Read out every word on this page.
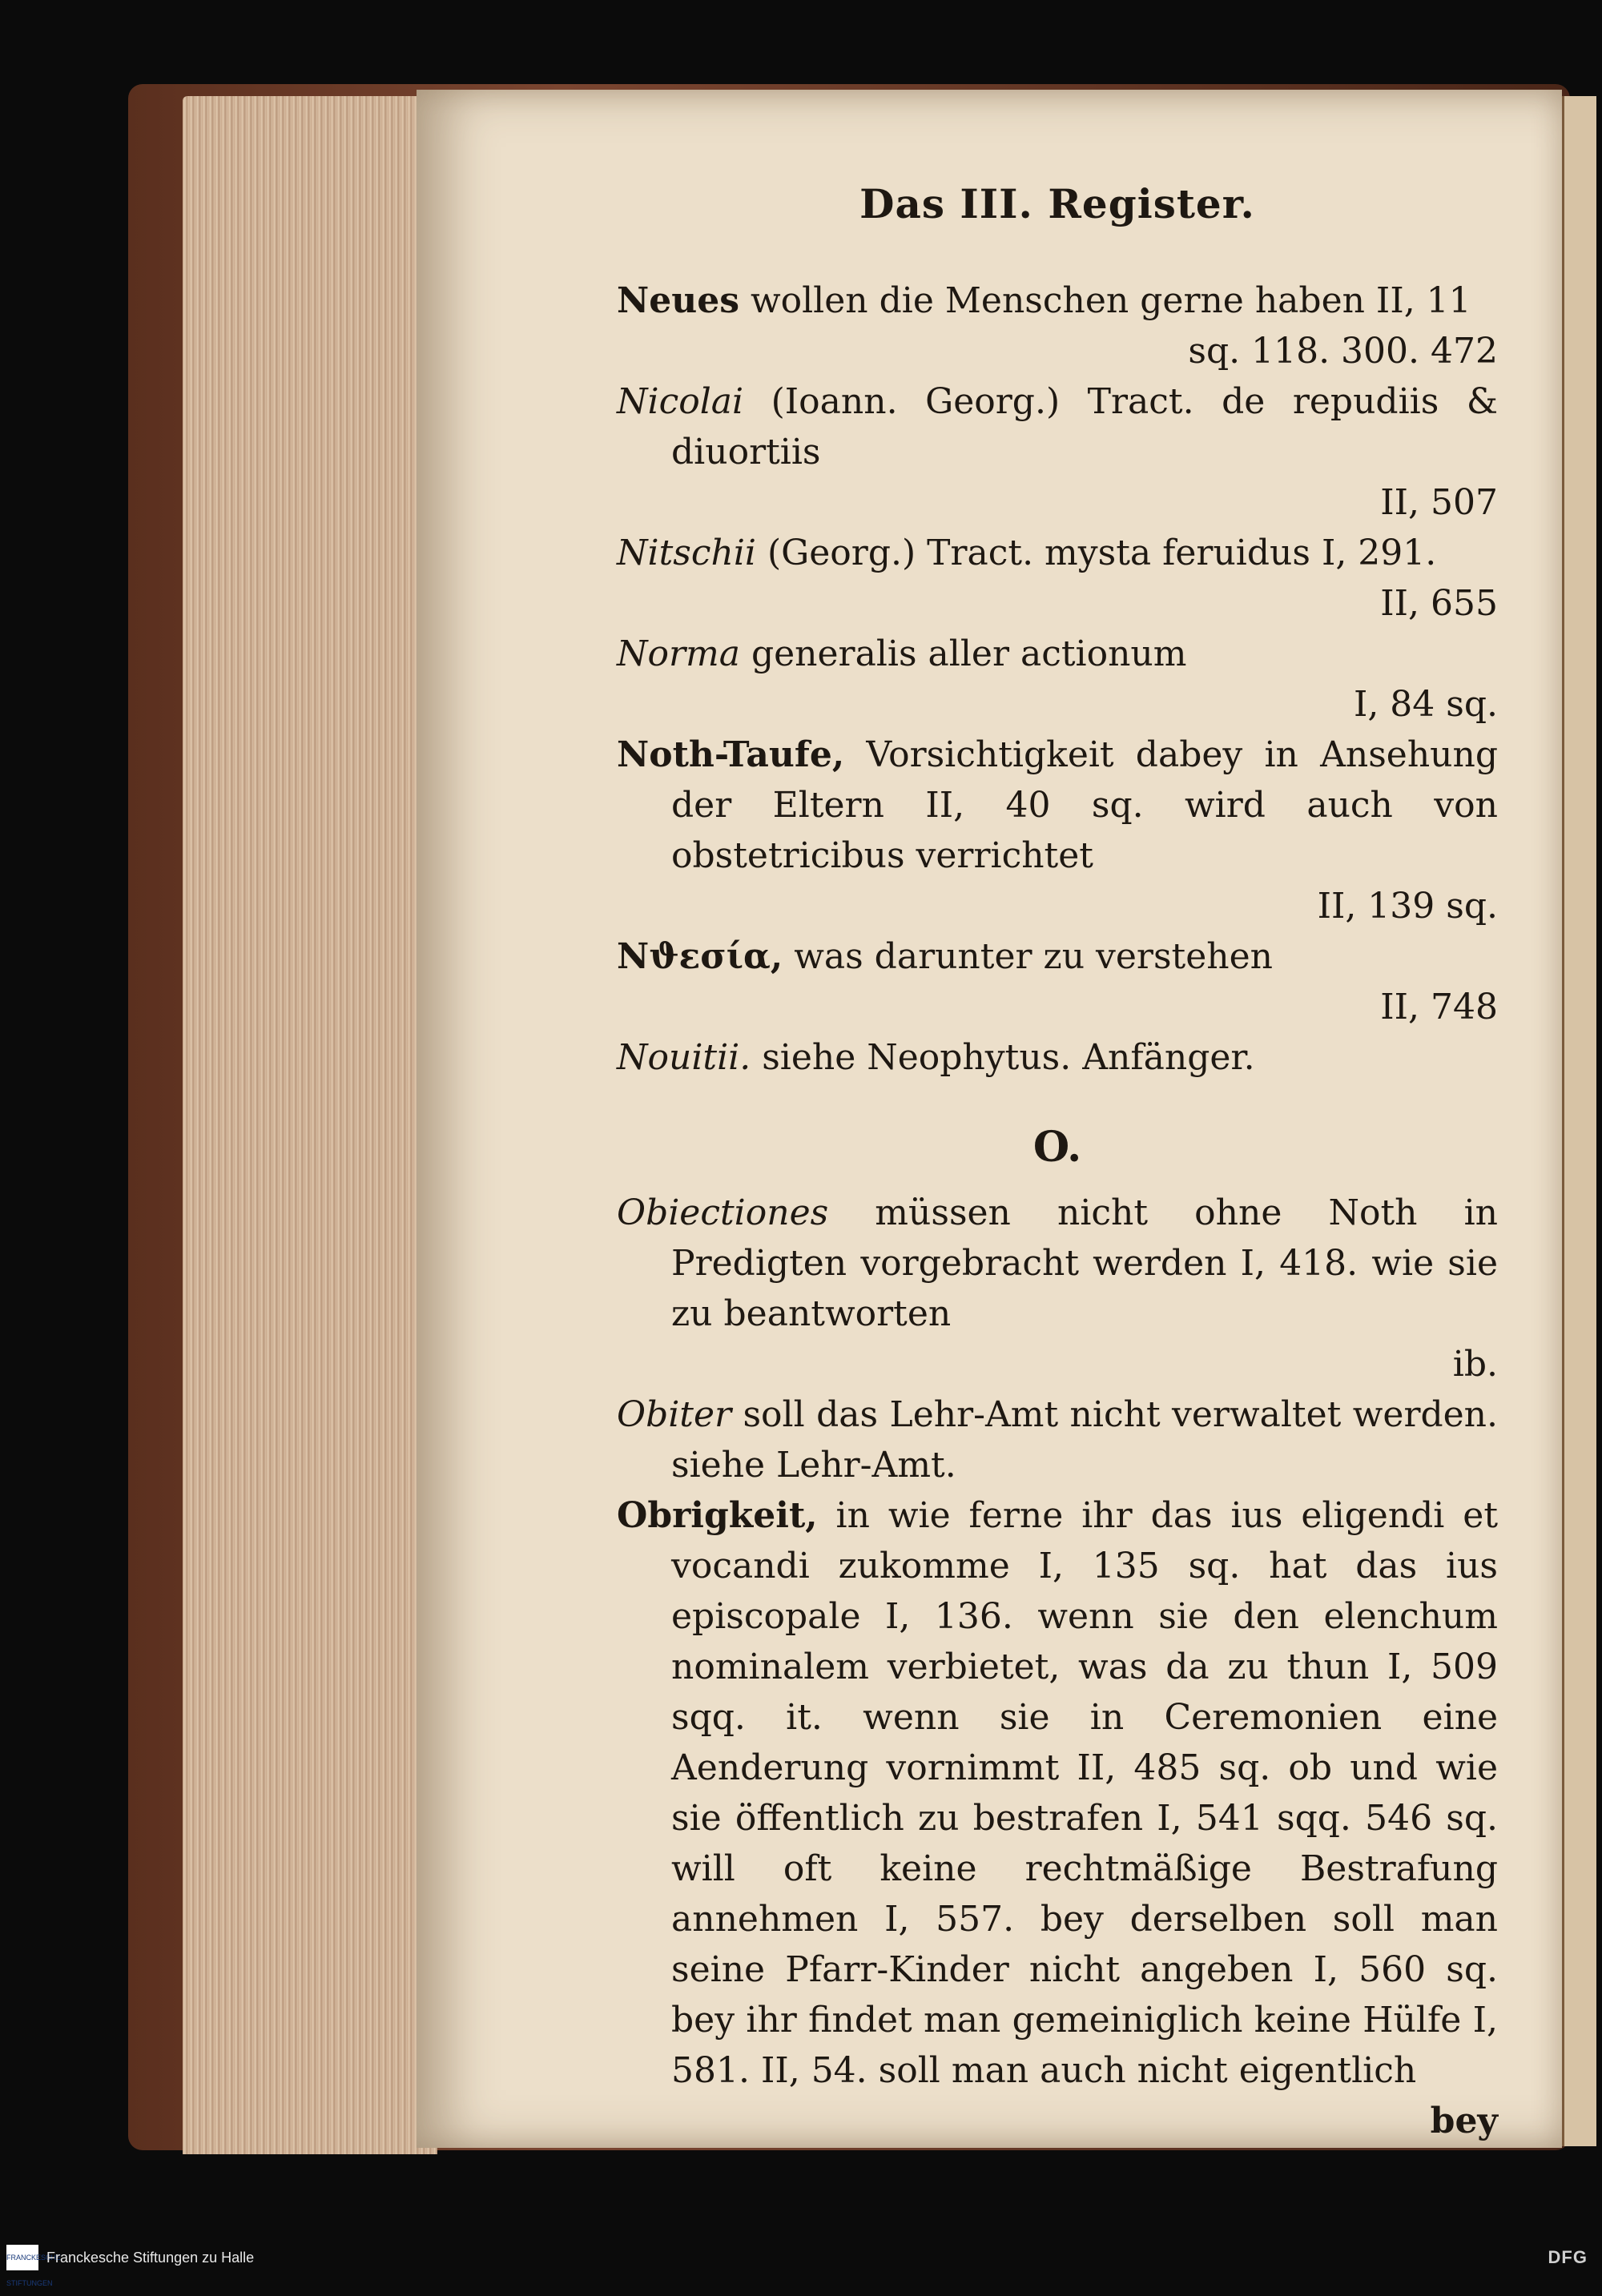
Das III. Register.
Neues wollen die Menschen gerne haben II, 11
sq. 118. 300. 472
Nicolai (Ioann. Georg.) Tract. de repudiis & diuortiis
II, 507
Nitschii (Georg.) Tract. mysta feruidus I, 291.
II, 655
Norma generalis aller actionum
I, 84 sq.
Noth-Taufe, Vorsichtigkeit dabey in Ansehung der Eltern II, 40 sq. wird auch von obstetricibus verrichtet
II, 139 sq.
Νϑεσία, was darunter zu verstehen
II, 748
Nouitii. siehe Neophytus. Anfänger.
O.
Obiectiones müssen nicht ohne Noth in Predigten vorgebracht werden I, 418. wie sie zu beantworten
ib.
Obiter soll das Lehr-Amt nicht verwaltet werden. siehe Lehr-Amt.
Obrigkeit, in wie ferne ihr das ius eligendi et vocandi zukomme I, 135 sq. hat das ius episcopale I, 136. wenn sie den elenchum nominalem verbietet, was da zu thun I, 509 sqq. it. wenn sie in Ceremonien eine Aenderung vornimmt II, 485 sq. ob und wie sie öffentlich zu bestrafen I, 541 sqq. 546 sq. will oft keine rechtmäßige Bestrafung annehmen I, 557. bey derselben soll man seine Pfarr-Kinder nicht angeben I, 560 sq. bey ihr findet man gemeiniglich keine Hülfe I, 581. II, 54. soll man auch nicht eigentlich
bey
FRANCKESCHE STIFTUNGEN
Franckesche Stiftungen zu Halle	DFG
